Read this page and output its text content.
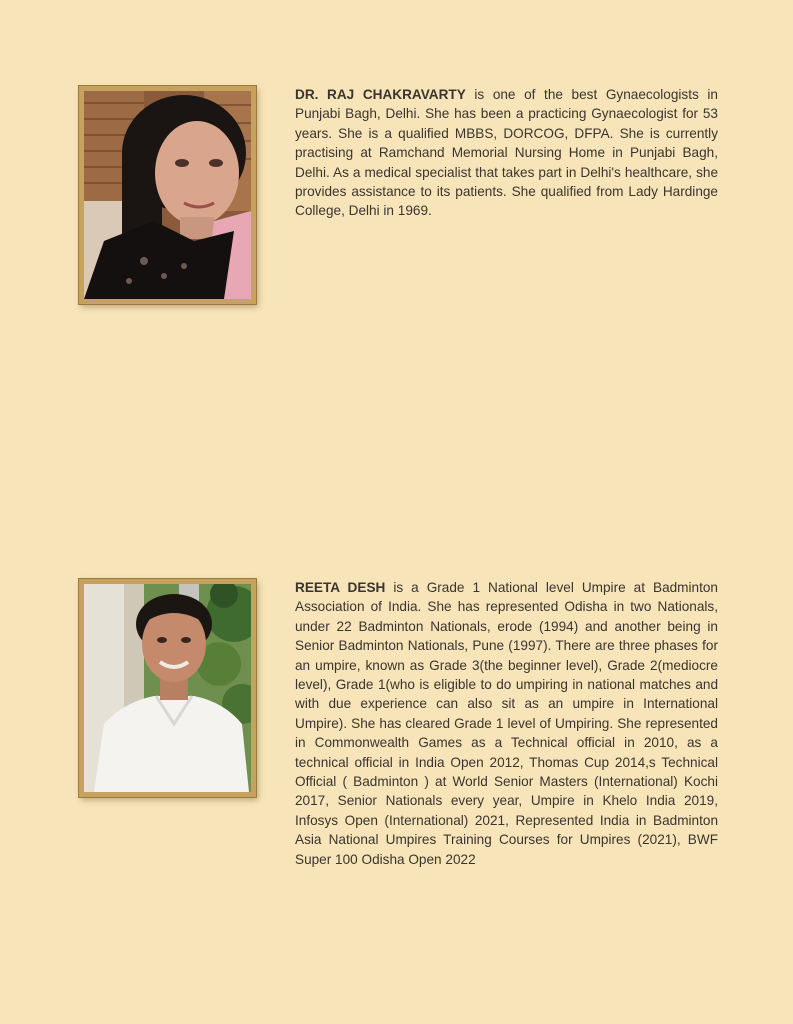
DR. RAJ CHAKRAVARTY is one of the best Gynaecologists in Punjabi Bagh, Delhi. She has been a practicing Gynaecologist for 53 years. She is a qualified MBBS, DORCOG, DFPA. She is currently practising at Ramchand Memorial Nursing Home in Punjabi Bagh, Delhi. As a medical specialist that takes part in Delhi's healthcare, she provides assistance to its patients. She qualified from Lady Hardinge College, Delhi in 1969.

REETA DESH is a Grade 1 National level Umpire at Badminton Association of India. She has represented Odisha in two Nationals, under 22 Badminton Nationals, erode (1994) and another being in Senior Badminton Nationals, Pune (1997). There are three phases for an umpire, known as Grade 3(the beginner level), Grade 2(mediocre level), Grade 1(who is eligible to do umpiring in national matches and with due experience can also sit as an umpire in International Umpire). She has cleared Grade 1 level of Umpiring. She represented in Commonwealth Games as a Technical official in 2010, as a technical official in India Open 2012, Thomas Cup 2014,s Technical Official ( Badminton ) at World Senior Masters (International) Kochi 2017, Senior Nationals every year, Umpire in Khelo India 2019, Infosys Open (International) 2021, Represented India in Badminton Asia National Umpires Training Courses for Umpires (2021), BWF Super 100 Odisha Open 2022
